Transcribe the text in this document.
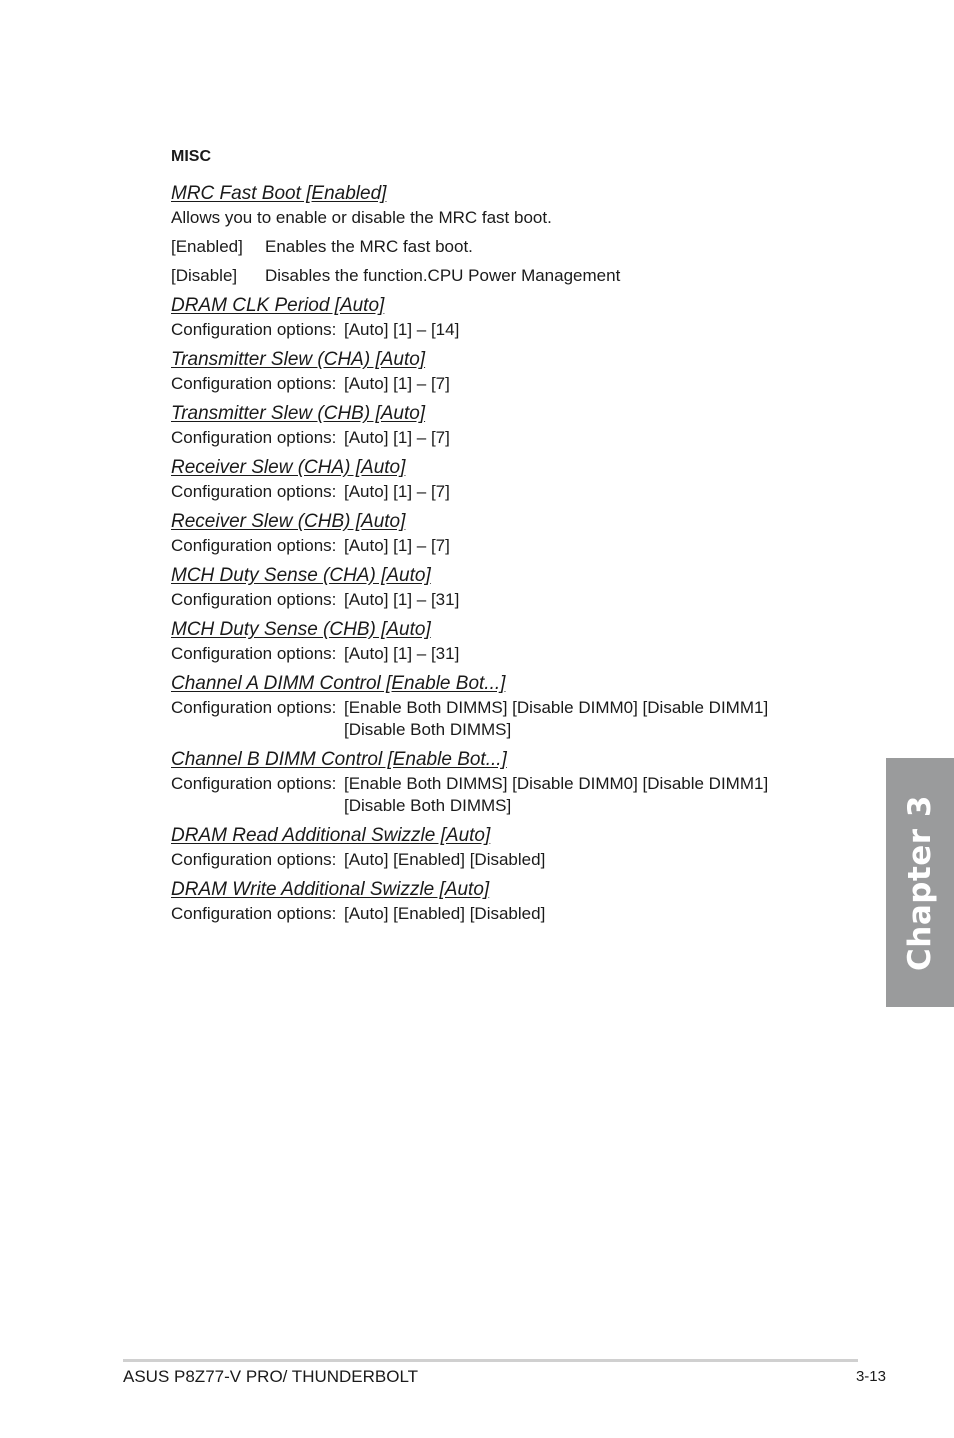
MISC
MRC Fast Boot [Enabled]
Allows you to enable or disable the MRC fast boot.
[Enabled]	Enables the MRC fast boot.
[Disable]	Disables the function.CPU Power Management
DRAM CLK Period [Auto]
Configuration options: [Auto] [1] – [14]
Transmitter Slew (CHA) [Auto]
Configuration options: [Auto] [1] – [7]
Transmitter Slew (CHB) [Auto]
Configuration options: [Auto] [1] – [7]
Receiver Slew (CHA) [Auto]
Configuration options: [Auto] [1] – [7]
Receiver Slew (CHB) [Auto]
Configuration options: [Auto] [1] – [7]
MCH Duty Sense (CHA) [Auto]
Configuration options: [Auto] [1] – [31]
MCH Duty Sense (CHB) [Auto]
Configuration options: [Auto] [1] – [31]
Channel A DIMM Control [Enable Bot...]
Configuration options: [Enable Both DIMMS] [Disable DIMM0] [Disable DIMM1]
[Disable Both DIMMS]
Channel B DIMM Control [Enable Bot...]
Configuration options: [Enable Both DIMMS] [Disable DIMM0] [Disable DIMM1]
[Disable Both DIMMS]
DRAM Read Additional Swizzle [Auto]
Configuration options: [Auto] [Enabled] [Disabled]
DRAM Write Additional Swizzle [Auto]
Configuration options: [Auto] [Enabled] [Disabled]
ASUS P8Z77-V PRO/ THUNDERBOLT	3-13
Chapter 3
